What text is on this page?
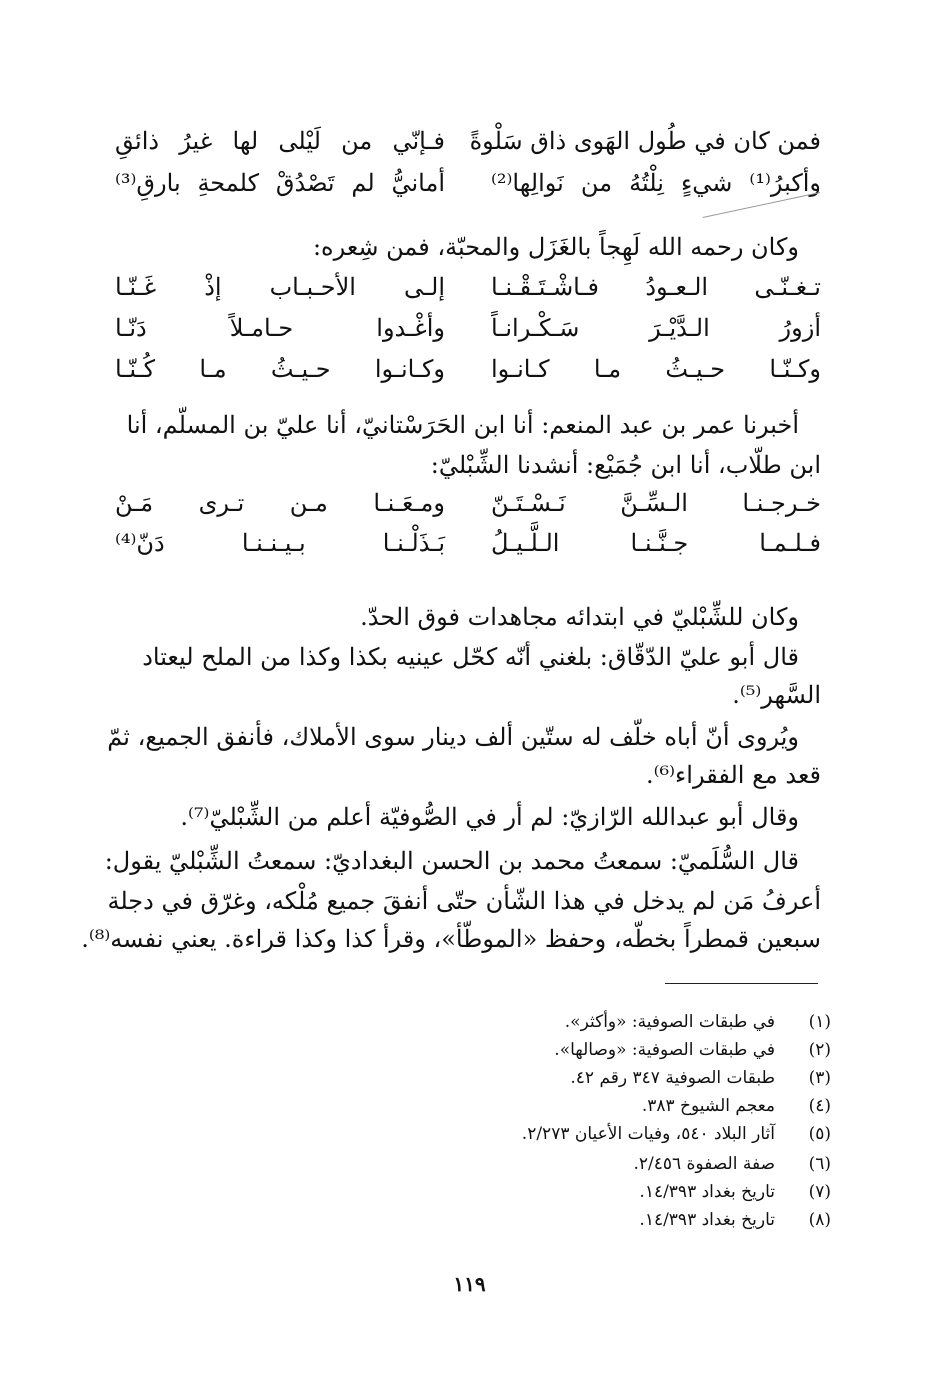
فمن كان في طُول الهَوى ذاق سَلْوةً
فـإنّي من لَيْلى لها غيرُ ذائقِ
وأكبرُ⁽¹⁾ شيءٍ نِلْتُهُ من نَوالِها⁽²⁾
أمانيُّ لم تَصْدُقْ كلمحةِ بارقِ⁽³⁾
وكان رحمه الله لَهِجاً بالغَزَل والمحبّة، فمن شِعره:
تـغـنّـى الـعـودُ فـاشْـتَـقْـنـا
إلـى الأحـبـاب إذْ غَـنّـا
أزورُ الـدَّيْـرَ سَـكْـرانـاً
وأغْـدوا حـامـلاً دَنّـا
وكـنّـا حـيـثُ مـا كـانـوا
وكـانـوا حـيـثُ مـا كُـنّـا
أخبرنا عمر بن عبد المنعم: أنا ابن الحَرَسْتانيّ، أنا عليّ بن المسلّم، أنا
ابن طلّاب، أنا ابن جُمَيْع: أنشدنا الشِّبْليّ:
خـرجـنـا الـسِّـنَّ نَـسْـتَـنّ
ومـعَـنـا مـن تـرى مَـنْ
فـلـمـا جـنَّـنـا الـلَّـيـلُ
بَـذَلْـنـا بـيـنـنـا دَنّ⁽⁴⁾
وكان للشِّبْليّ في ابتدائه مجاهدات فوق الحدّ.
قال أبو عليّ الدّقّاق: بلغني أنّه كحّل عينيه بكذا وكذا من الملح ليعتاد
السَّهر⁽⁵⁾.
ويُروى أنّ أباه خلّف له ستّين ألف دينار سوى الأملاك، فأنفق الجميع، ثمّ
قعد مع الفقراء⁽⁶⁾.
وقال أبو عبدالله الرّازيّ: لم أر في الصُّوفيّة أعلم من الشِّبْليّ⁽⁷⁾.
قال السُّلَميّ: سمعتُ محمد بن الحسن البغداديّ: سمعتُ الشِّبْليّ يقول:
أعرفُ مَن لم يدخل في هذا الشّأن حتّى أنفقَ جميع مُلْكه، وغرّق في دجلة
سبعين قمطراً بخطّه، وحفظ «الموطّأ»، وقرأ كذا وكذا قراءة. يعني نفسه⁽⁸⁾.
(١)في طبقات الصوفية: «وأكثر».
(٢)في طبقات الصوفية: «وصالها».
(٣)طبقات الصوفية ٣٤٧ رقم ٤٢.
(٤)معجم الشيوخ ٣٨٣.
(٥)آثار البلاد ٥٤٠، وفيات الأعيان ٢/٢٧٣.
(٦)صفة الصفوة ٢/٤٥٦.
(٧)تاريخ بغداد ١٤/٣٩٣.
(٨)تاريخ بغداد ١٤/٣٩٣.
١١٩
